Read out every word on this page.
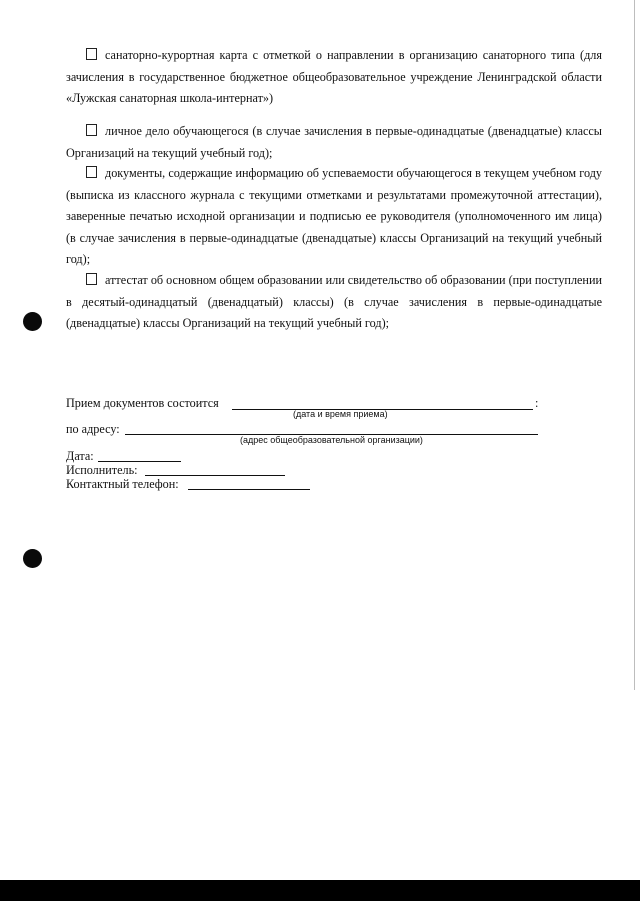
санаторно-курортная карта с отметкой о направлении в организацию санаторного типа (для зачисления в государственное бюджетное общеобразовательное учреждение Ленинградской области «Лужская санаторная школа-интернат»)

личное дело обучающегося (в случае зачисления в первые-одинадцатые (двенадцатые) классы Организаций на текущий учебный год);

документы, содержащие информацию об успеваемости обучающегося в текущем учебном году (выписка из классного журнала с текущими отметками и результатами промежуточной аттестации), заверенные печатью исходной организации и подписью ее руководителя (уполномоченного им лица) (в случае зачисления в первые-одинадцатые (двенадцатые) классы Организаций на текущий учебный год);

аттестат об основном общем образовании или свидетельство об образовании (при поступлении в десятый-одинадцатый (двенадцатый) классы) (в случае зачисления в первые-одинадцатые (двенадцатые) классы Организаций на текущий учебный год);

Прием документов состоится	:
(дата и время приема)
по адресу:
(адрес общеобразовательной организации)
Дата:
Исполнитель:
Контактный телефон:
